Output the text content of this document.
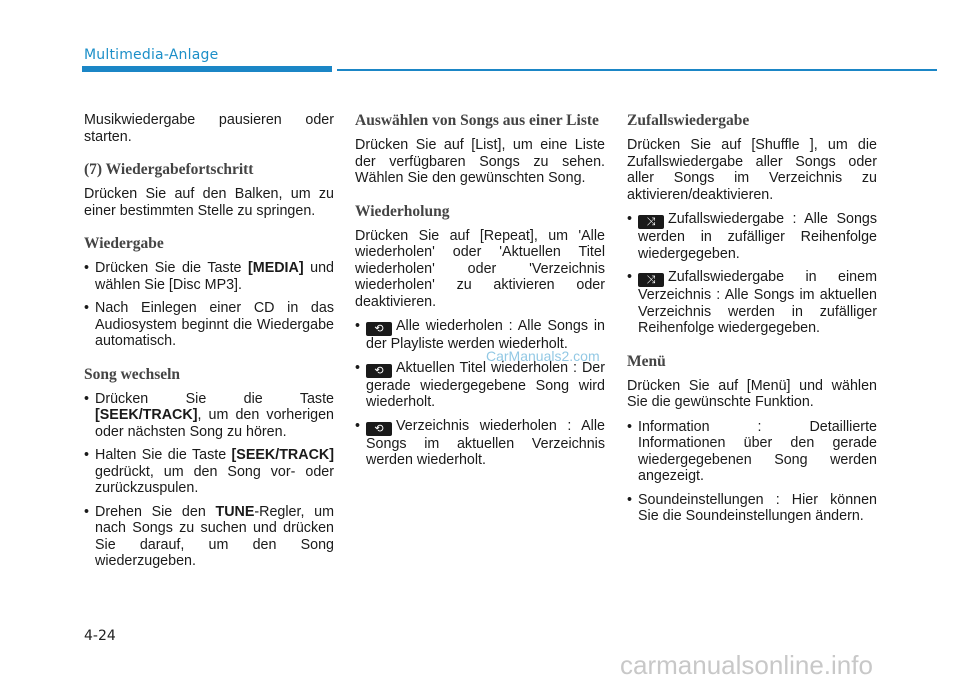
Multimedia-Anlage

Musikwiedergabe pausieren oder starten.

(7) Wiedergabefortschritt

Drücken Sie auf den Balken, um zu einer bestimmten Stelle zu springen.

Wiedergabe
• Drücken Sie die Taste [MEDIA] und wählen Sie [Disc MP3].
• Nach Einlegen einer CD in das Audiosystem beginnt die Wiedergabe automatisch.
Song wechseln
• Drücken Sie die Taste [SEEK/TRACK], um den vorherigen oder nächsten Song zu hören.
• Halten Sie die Taste [SEEK/TRACK] gedrückt, um den Song vor- oder zurückzuspulen.
• Drehen Sie den TUNE-Regler, um nach Songs zu suchen und drücken Sie darauf, um den Song wiederzugeben.
Auswählen von Songs aus einer Liste

Drücken Sie auf [List], um eine Liste der verfügbaren Songs zu sehen. Wählen Sie den gewünschten Song.

Wiederholung

Drücken Sie auf [Repeat], um 'Alle wiederholen' oder 'Aktuellen Titel wiederholen' oder 'Verzeichnis wiederholen' zu aktivieren oder deaktivieren.

• ⟲ Alle wiederholen : Alle Songs in der Playliste werden wiederholt.
• ⟲ Aktuellen Titel wiederholen : Der gerade wiedergegebene Song wird wiederholt.
• ⟲ Verzeichnis wiederholen : Alle Songs im aktuellen Verzeichnis werden wiederholt.
Zufallswiedergabe

Drücken Sie auf [Shuffle ], um die Zufallswiedergabe aller Songs oder aller Songs im Verzeichnis zu aktivieren/deaktivieren.

• ⤨ Zufallswiedergabe : Alle Songs werden in zufälliger Reihenfolge wiedergegeben.
• ⤨ Zufallswiedergabe in einem Verzeichnis : Alle Songs im aktuellen Verzeichnis werden in zufälliger Reihenfolge wiedergegeben.
Menü

Drücken Sie auf [Menü] und wählen Sie die gewünschte Funktion.

• Information : Detaillierte Informationen über den gerade wiedergegebenen Song werden angezeigt.
• Soundeinstellungen : Hier können Sie die Soundeinstellungen ändern.
4-24
CarManuals2.com
carmanualsonline.info
